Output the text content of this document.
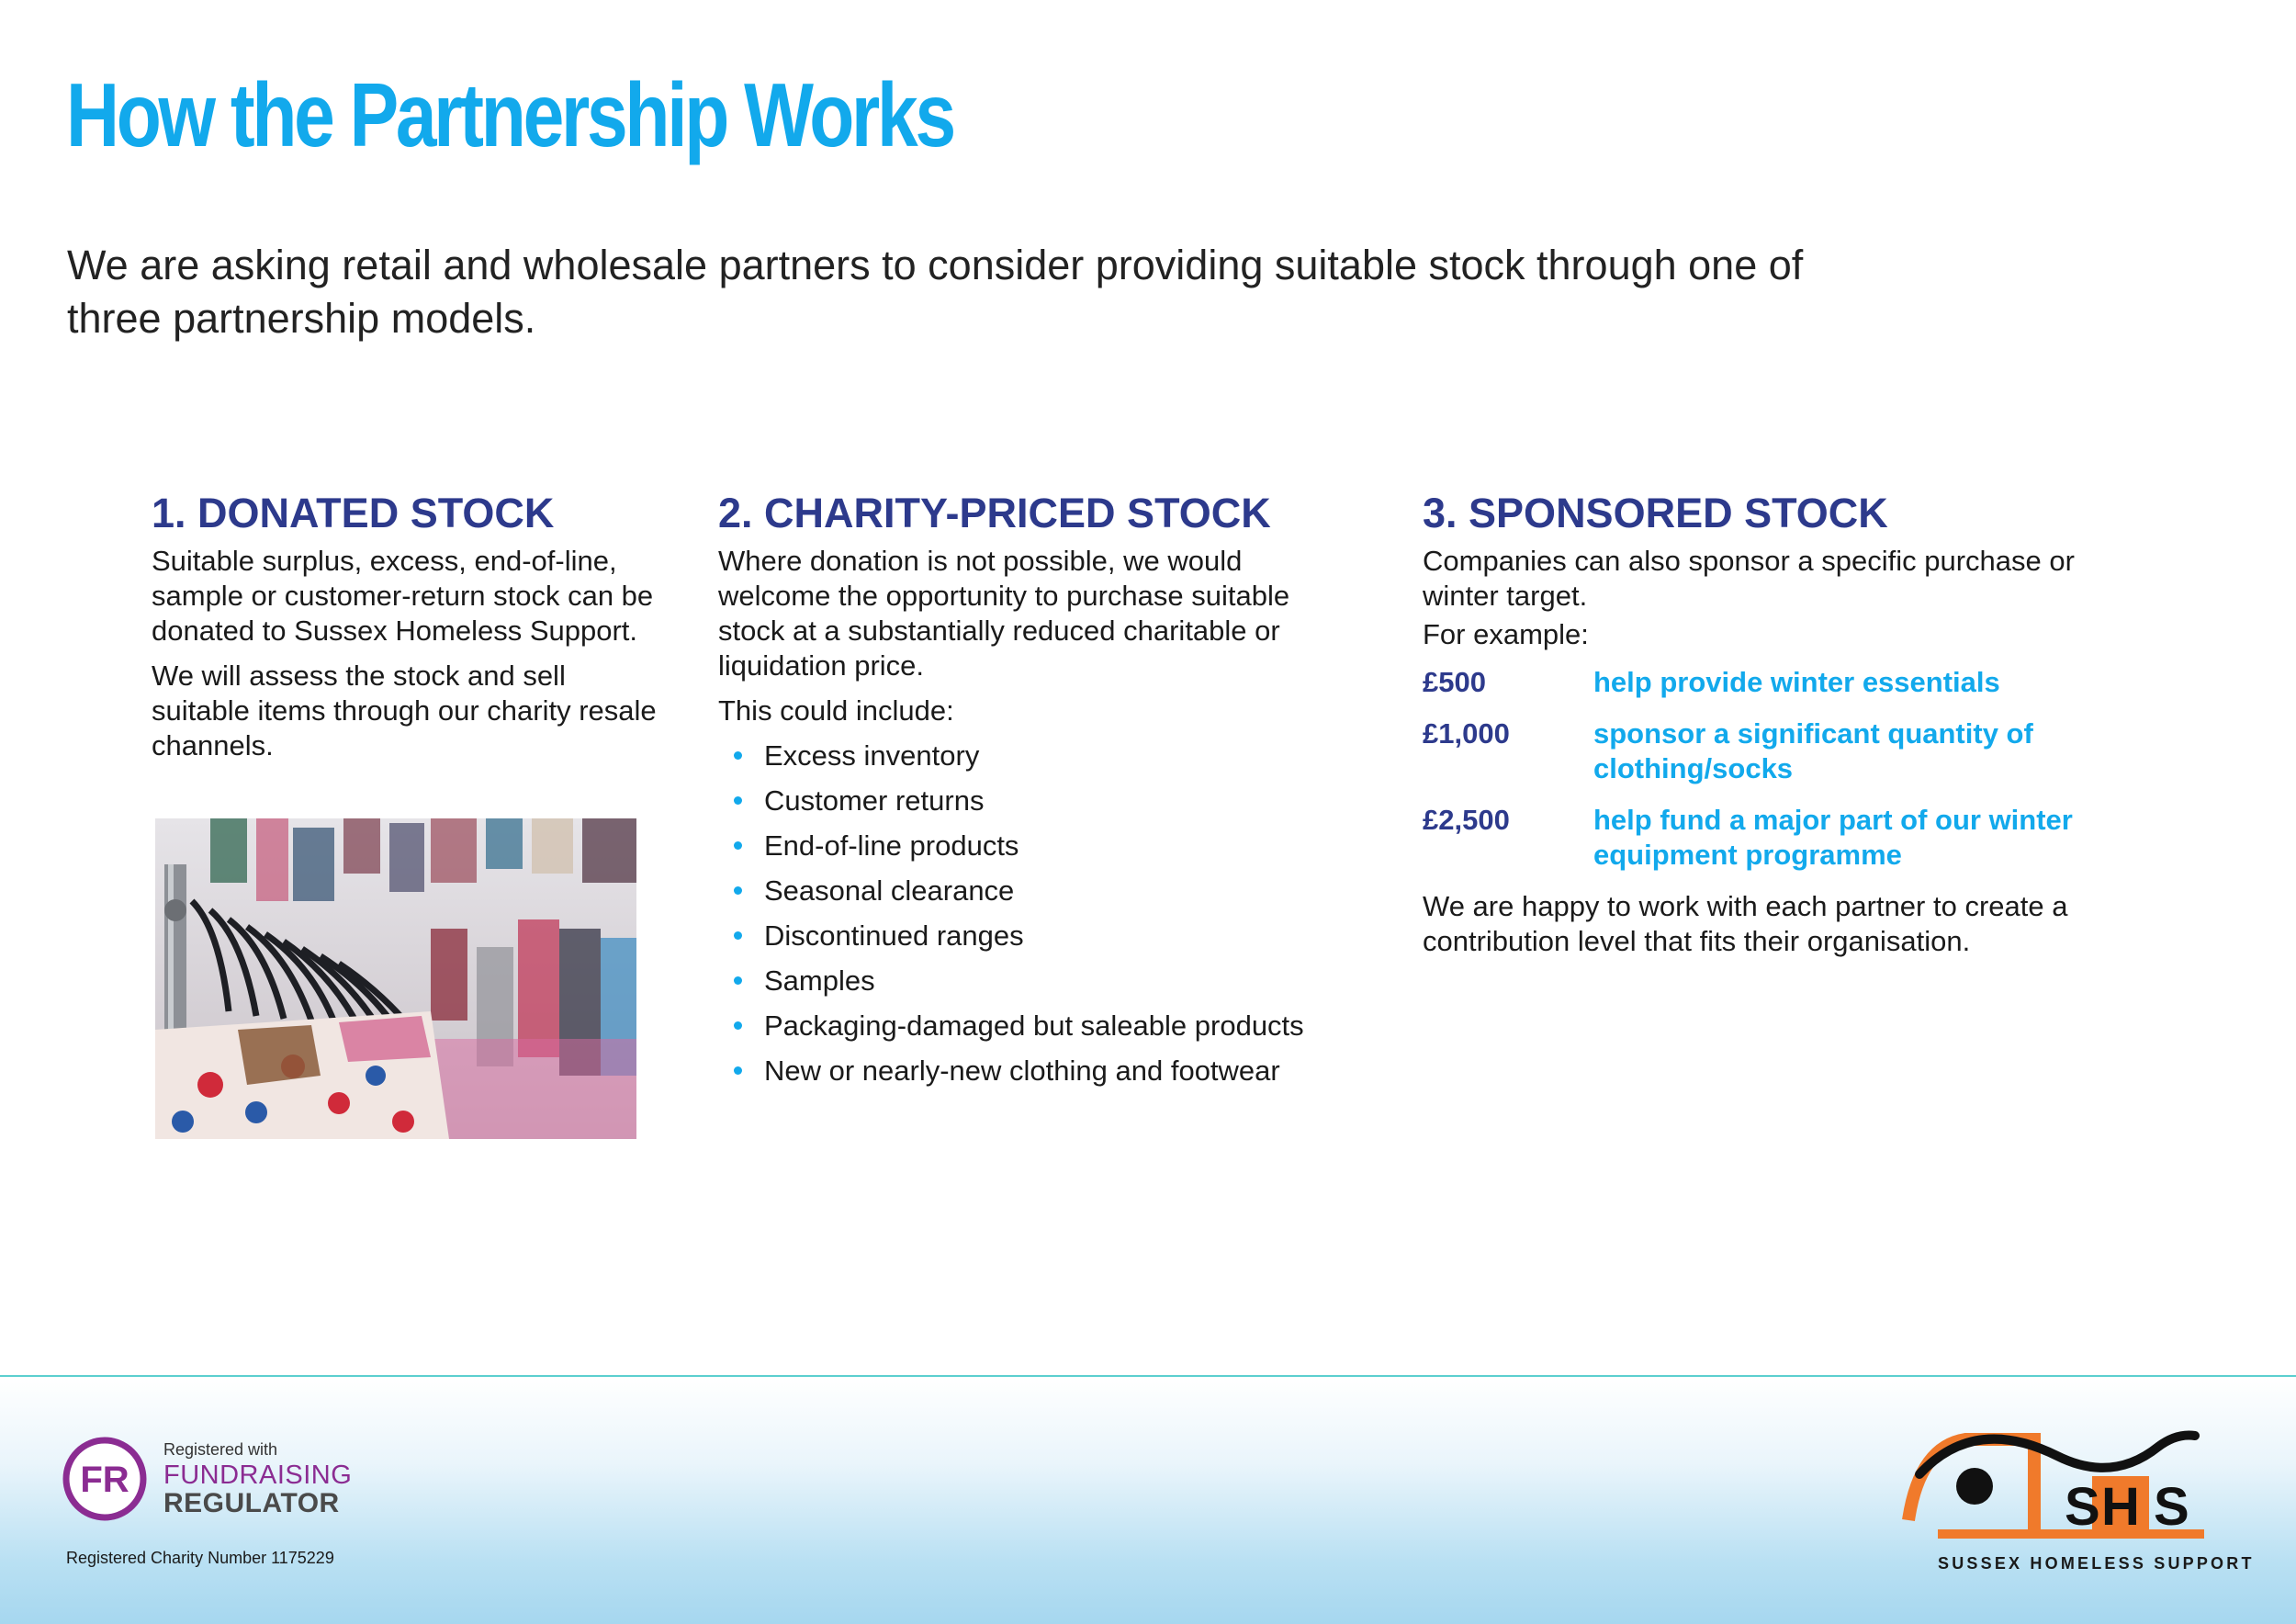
How the Partnership Works
We are asking retail and wholesale partners to consider providing suitable stock through one of three partnership models.
1. DONATED STOCK

Suitable surplus, excess, end-of-line, sample or customer-return stock can be donated to Sussex Homeless Support.

We will assess the stock and sell suitable items through our charity resale channels.

2. CHARITY-PRICED STOCK

Where donation is not possible, we would welcome the opportunity to purchase suitable stock at a substantially reduced charitable or liquidation price.

This could include:

Excess inventory
Customer returns
End-of-line products
Seasonal clearance
Discontinued ranges
Samples
Packaging-damaged but saleable products
New or nearly-new clothing and footwear
3. SPONSORED STOCK

Companies can also sponsor a specific purchase or winter target.

For example:

£500	help provide winter essentials
£1,000	sponsor a significant quantity of clothing/socks
£2,500	help fund a major part of our winter equipment programme

We are happy to work with each partner to create a contribution level that fits their organisation.

FR
Registered with
FUNDRAISING
REGULATOR
Registered Charity Number 1175229
S H S
SUSSEX HOMELESS SUPPORT
